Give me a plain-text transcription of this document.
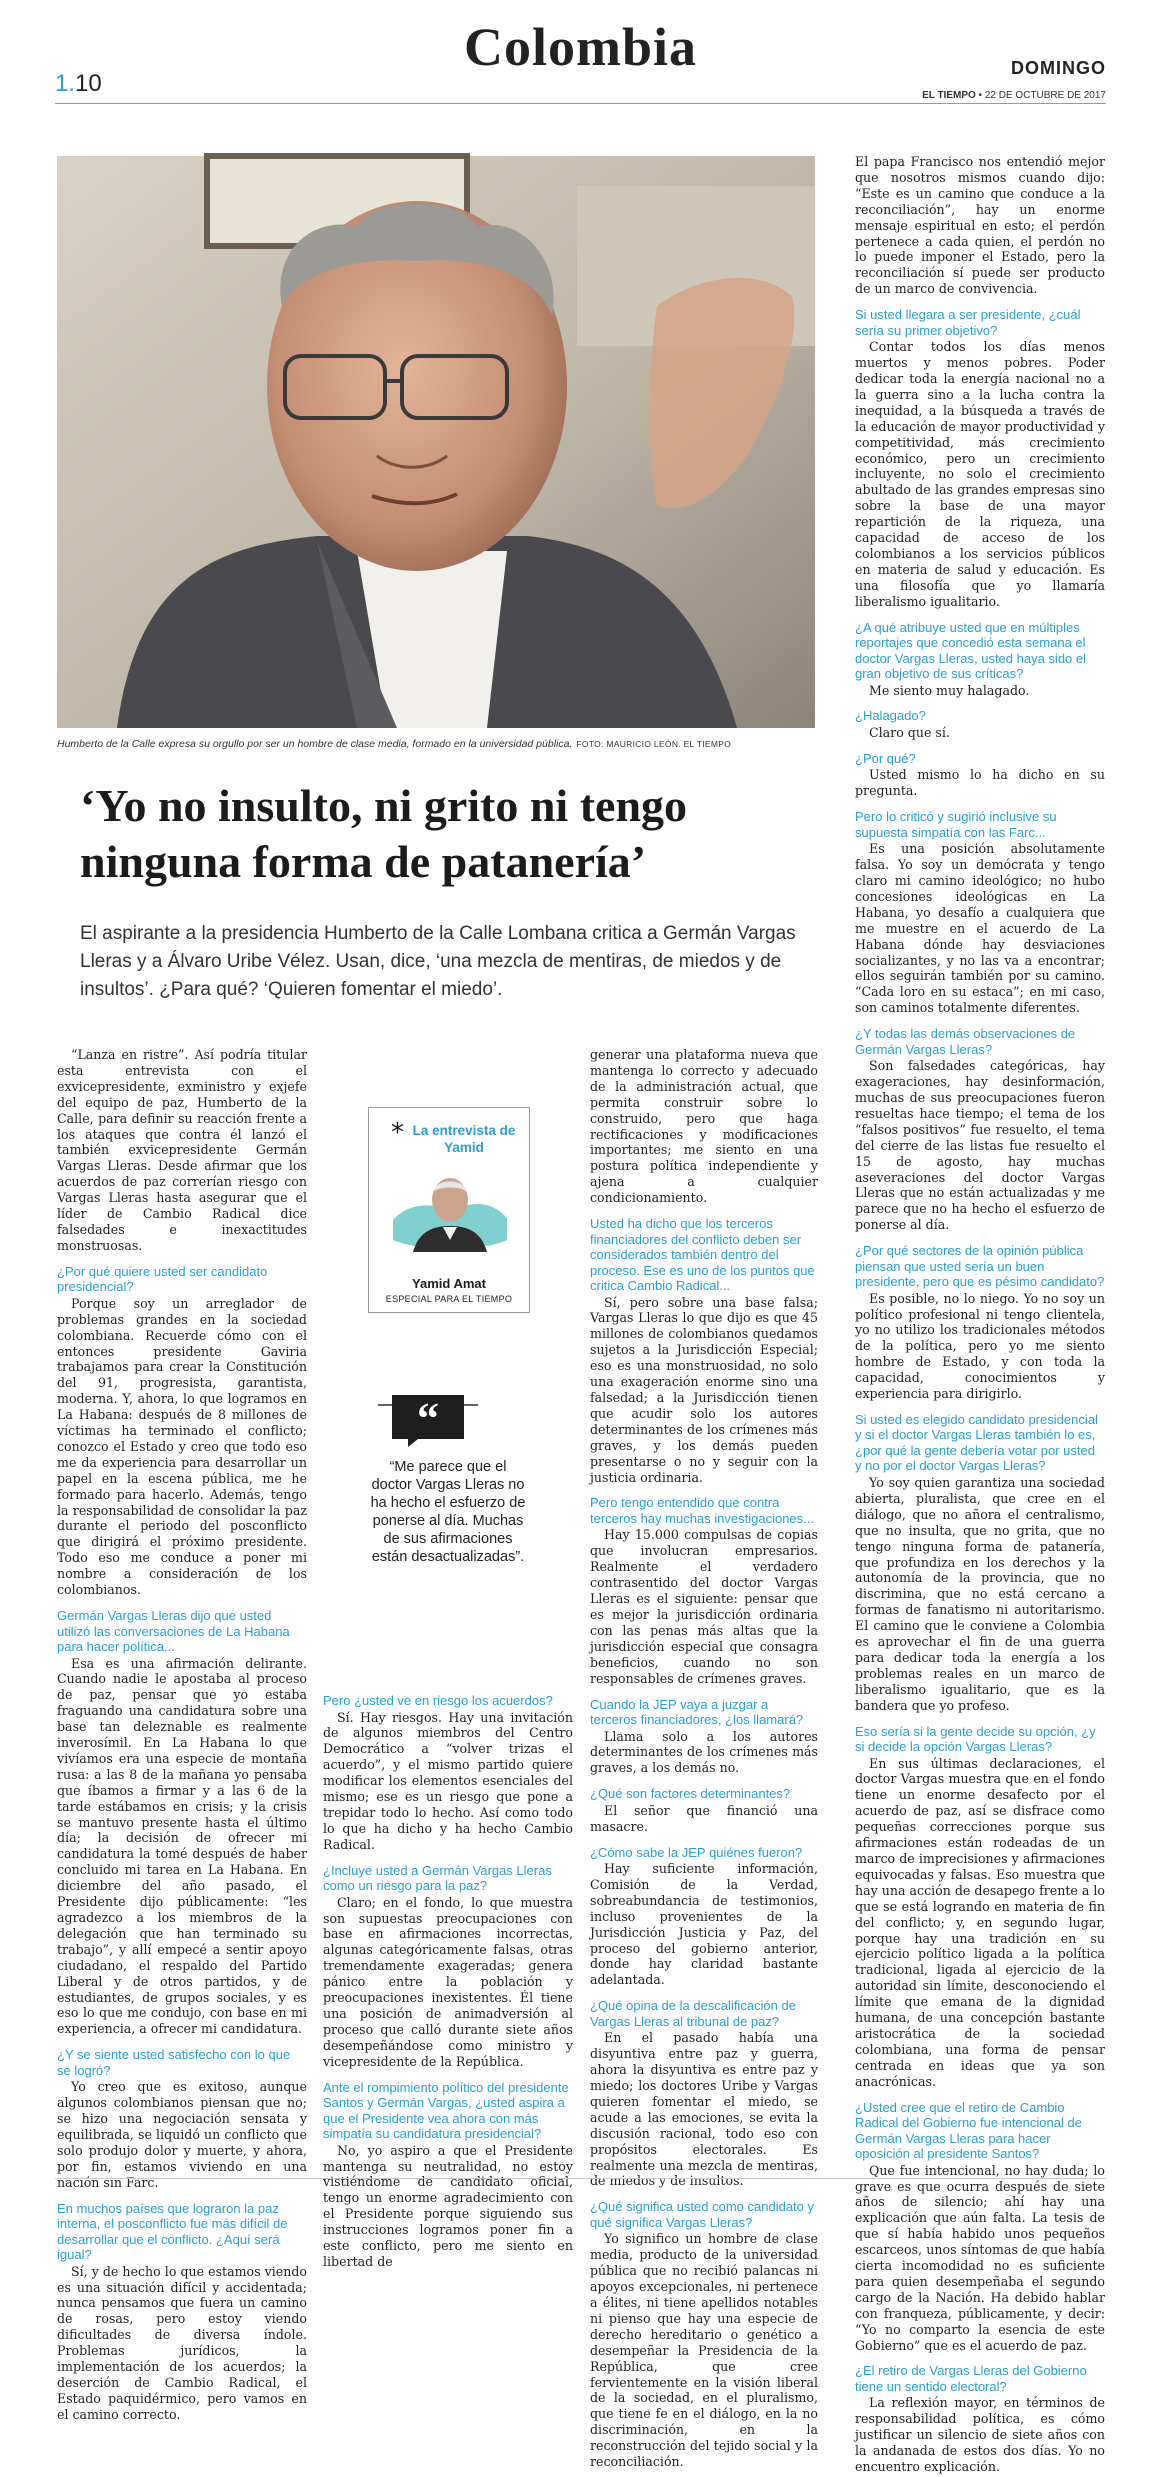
Colombia
1.10
DOMINGO
EL TIEMPO • 22 DE OCTUBRE DE 2017
Humberto de la Calle expresa su orgullo por ser un hombre de clase media, formado en la universidad pública. FOTO: MAURICIO LEÓN. EL TIEMPO
‘Yo no insulto, ni grito ni tengo ninguna forma de patanería’
El aspirante a la presidencia Humberto de la Calle Lombana critica a Germán Vargas Lleras y a Álvaro Uribe Vélez. Usan, dice, ‘una mezcla de mentiras, de miedos y de insultos’. ¿Para qué? ‘Quieren fomentar el miedo’.

“Lanza en ristre”. Así podría titular esta entrevista con el exvicepresidente, exministro y exjefe del equipo de paz, Humberto de la Calle, para definir su reacción frente a los ataques que contra él lanzó el también exvicepresidente Germán Vargas Lleras. Desde afirmar que los acuerdos de paz correrían riesgo con Vargas Lleras hasta asegurar que el líder de Cambio Radical dice falsedades e inexactitudes monstruosas.

¿Por qué quiere usted ser candidato presidencial?

Porque soy un arreglador de problemas grandes en la sociedad colombiana. Recuerde cómo con el entonces presidente Gaviria trabajamos para crear la Constitución del 91, progresista, garantista, moderna. Y, ahora, lo que logramos en La Habana: después de 8 millones de víctimas ha terminado el conflicto; conozco el Estado y creo que todo eso me da experiencia para desarrollar un papel en la escena pública, me he formado para hacerlo. Además, tengo la responsabilidad de consolidar la paz durante el periodo del posconflicto que dirigirá el próximo presidente. Todo eso me conduce a poner mi nombre a consideración de los colombianos.

Germán Vargas Lleras dijo que usted utilizó las conversaciones de La Habana para hacer política...

Esa es una afirmación delirante. Cuando nadie le apostaba al proceso de paz, pensar que yo estaba fraguando una candidatura sobre una base tan deleznable es realmente inverosímil. En La Habana lo que vivíamos era una especie de montaña rusa: a las 8 de la mañana yo pensaba que íbamos a firmar y a las 6 de la tarde estábamos en crisis; y la crisis se mantuvo presente hasta el último día; la decisión de ofrecer mi candidatura la tomé después de haber concluido mi tarea en La Habana. En diciembre del año pasado, el Presidente dijo públicamente: “les agradezco a los miembros de la delegación que han terminado su trabajo”, y allí empecé a sentir apoyo ciudadano, el respaldo del Partido Liberal y de otros partidos, y de estudiantes, de grupos sociales, y es eso lo que me condujo, con base en mi experiencia, a ofrecer mi candidatura.

¿Y se siente usted satisfecho con lo que se logró?

Yo creo que es exitoso, aunque algunos colombianos piensan que no; se hizo una negociación sensata y equilibrada, se liquidó un conflicto que solo produjo dolor y muerte, y ahora, por fin, estamos viviendo en una nación sin Farc.

En muchos países que lograron la paz interna, el posconflicto fue más difícil de desarrollar que el conflicto. ¿Aquí será igual?

Sí, y de hecho lo que estamos viendo es una situación difícil y accidentada; nunca pensamos que fuera un camino de rosas, pero estoy viendo dificultades de diversa índole. Problemas jurídicos, la implementación de los acuerdos; la deserción de Cambio Radical, el Estado paquidérmico, pero vamos en el camino correcto.

Pero ¿usted ve en riesgo los acuerdos?

Sí. Hay riesgos. Hay una invitación de algunos miembros del Centro Democrático a “volver trizas el acuerdo”, y el mismo partido quiere modificar los elementos esenciales del mismo; ese es un riesgo que pone a trepidar todo lo hecho. Así como todo lo que ha dicho y ha hecho Cambio Radical.

¿Incluye usted a Germán Vargas Lleras como un riesgo para la paz?

Claro; en el fondo, lo que muestra son supuestas preocupaciones con base en afirmaciones incorrectas, algunas categóricamente falsas, otras tremendamente exageradas; genera pánico entre la población y preocupaciones inexistentes. Él tiene una posición de animadversión al proceso que calló durante siete años desempeñándose como ministro y vicepresidente de la República.

Ante el rompimiento político del presidente Santos y Germán Vargas, ¿usted aspira a que el Presidente vea ahora con más simpatía su candidatura presidencial?

No, yo aspiro a que el Presidente mantenga su neutralidad, no estoy vistiéndome de candidato oficial, tengo un enorme agradecimiento con el Presidente porque siguiendo sus instrucciones logramos poner fin a este conflicto, pero me siento en libertad de

generar una plataforma nueva que mantenga lo correcto y adecuado de la administración actual, que permita construir sobre lo construido, pero que haga rectificaciones y modificaciones importantes; me siento en una postura política independiente y ajena a cualquier condicionamiento.

Usted ha dicho que los terceros financiadores del conflicto deben ser considerados también dentro del proceso. Ese es uno de los puntos que critica Cambio Radical...

Sí, pero sobre una base falsa; Vargas Lleras lo que dijo es que 45 millones de colombianos quedamos sujetos a la Jurisdicción Especial; eso es una monstruosidad, no solo una exageración enorme sino una falsedad; a la Jurisdicción tienen que acudir solo los autores determinantes de los crímenes más graves, y los demás pueden presentarse o no y seguir con la justicia ordinaria.

Pero tengo entendido que contra terceros hay muchas investigaciones...

Hay 15.000 compulsas de copias que involucran empresarios. Realmente el verdadero contrasentido del doctor Vargas Lleras es el siguiente: pensar que es mejor la jurisdicción ordinaria con las penas más altas que la jurisdicción especial que consagra beneficios, cuando no son responsables de crímenes graves.

Cuando la JEP vaya a juzgar a terceros financiadores, ¿los llamará?

Llama solo a los autores determinantes de los crímenes más graves, a los demás no.

¿Qué son factores determinantes?

El señor que financió una masacre.

¿Cómo sabe la JEP quiénes fueron?

Hay suficiente información, Comisión de la Verdad, sobreabundancia de testimonios, incluso provenientes de la Jurisdicción Justicia y Paz, del proceso del gobierno anterior, donde hay claridad bastante adelantada.

¿Qué opina de la descalificación de Vargas Lleras al tribunal de paz?

En el pasado había una disyuntiva entre paz y guerra, ahora la disyuntiva es entre paz y miedo; los doctores Uribe y Vargas quieren fomentar el miedo, se acude a las emociones, se evita la discusión racional, todo eso con propósitos electorales. Es realmente una mezcla de mentiras, de miedos y de insultos.

¿Qué significa usted como candidato y qué significa Vargas Lleras?

Yo significo un hombre de clase media, producto de la universidad pública que no recibió palancas ni apoyos excepcionales, ni pertenece a élites, ni tiene apellidos notables ni pienso que hay una especie de derecho hereditario o genético a desempeñar la Presidencia de la República, que cree fervientemente en la visión liberal de la sociedad, en el pluralismo, que tiene fe en el diálogo, en la no discriminación, en la reconstrucción del tejido social y la reconciliación.

El papa Francisco nos entendió mejor que nosotros mismos cuando dijo: “Este es un camino que conduce a la reconciliación”, hay un enorme mensaje espiritual en esto; el perdón pertenece a cada quien, el perdón no lo puede imponer el Estado, pero la reconciliación sí puede ser producto de un marco de convivencia.

Si usted llegara a ser presidente, ¿cuál sería su primer objetivo?

Contar todos los días menos muertos y menos pobres. Poder dedicar toda la energía nacional no a la guerra sino a la lucha contra la inequidad, a la búsqueda a través de la educación de mayor productividad y competitividad, más crecimiento económico, pero un crecimiento incluyente, no solo el crecimiento abultado de las grandes empresas sino sobre la base de una mayor repartición de la riqueza, una capacidad de acceso de los colombianos a los servicios públicos en materia de salud y educación. Es una filosofía que yo llamaría liberalismo igualitario.

¿A qué atribuye usted que en múltiples reportajes que concedió esta semana el doctor Vargas Lleras, usted haya sido el gran objetivo de sus críticas?

Me siento muy halagado.

¿Halagado?

Claro que sí.

¿Por qué?

Usted mismo lo ha dicho en su pregunta.

Pero lo criticó y sugirió inclusive su supuesta simpatía con las Farc...

Es una posición absolutamente falsa. Yo soy un demócrata y tengo claro mi camino ideológico; no hubo concesiones ideológicas en La Habana, yo desafío a cualquiera que me muestre en el acuerdo de La Habana dónde hay desviaciones socializantes, y no las va a encontrar; ellos seguirán también por su camino. “Cada loro en su estaca”; en mi caso, son caminos totalmente diferentes.

¿Y todas las demás observaciones de Germán Vargas Lleras?

Son falsedades categóricas, hay exageraciones, hay desinformación, muchas de sus preocupaciones fueron resueltas hace tiempo; el tema de los “falsos positivos” fue resuelto, el tema del cierre de las listas fue resuelto el 15 de agosto, hay muchas aseveraciones del doctor Vargas Lleras que no están actualizadas y me parece que no ha hecho el esfuerzo de ponerse al día.

¿Por qué sectores de la opinión pública piensan que usted sería un buen presidente, pero que es pésimo candidato?

Es posible, no lo niego. Yo no soy un político profesional ni tengo clientela, yo no utilizo los tradicionales métodos de la política, pero yo me siento hombre de Estado, y con toda la capacidad, conocimientos y experiencia para dirigirlo.

Si usted es elegido candidato presidencial y si el doctor Vargas Lleras también lo es, ¿por qué la gente debería votar por usted y no por el doctor Vargas Lleras?

Yo soy quien garantiza una sociedad abierta, pluralista, que cree en el diálogo, que no añora el centralismo, que no insulta, que no grita, que no tengo ninguna forma de patanería, que profundiza en los derechos y la autonomía de la provincia, que no discrimina, que no está cercano a formas de fanatismo ni autoritarismo. El camino que le conviene a Colombia es aprovechar el fin de una guerra para dedicar toda la energía a los problemas reales en un marco de liberalismo igualitario, que es la bandera que yo profeso.

Eso sería si la gente decide su opción, ¿y si decide la opción Vargas Lleras?

En sus últimas declaraciones, el doctor Vargas muestra que en el fondo tiene un enorme desafecto por el acuerdo de paz, así se disfrace como pequeñas correcciones porque sus afirmaciones están rodeadas de un marco de imprecisiones y afirmaciones equivocadas y falsas. Eso muestra que hay una acción de desapego frente a lo que se está logrando en materia de fin del conflicto; y, en segundo lugar, porque hay una tradición en su ejercicio político ligada a la política tradicional, ligada al ejercicio de la autoridad sin límite, desconociendo el límite que emana de la dignidad humana, de una concepción bastante aristocrática de la sociedad colombiana, una forma de pensar centrada en ideas que ya son anacrónicas.

¿Usted cree que el retiro de Cambio Radical del Gobierno fue intencional de Germán Vargas Lleras para hacer oposición al presidente Santos?

Que fue intencional, no hay duda; lo grave es que ocurra después de siete años de silencio; ahí hay una explicación que aún falta. La tesis de que sí había habido unos pequeños escarceos, unos síntomas de que había cierta incomodidad no es suficiente para quien desempeñaba el segundo cargo de la Nación. Ha debido hablar con franqueza, públicamente, y decir: “Yo no comparto la esencia de este Gobierno” que es el acuerdo de paz.

¿El retiro de Vargas Lleras del Gobierno tiene un sentido electoral?

La reflexión mayor, en términos de responsabilidad política, es cómo justificar un silencio de siete años con la andanada de estos dos días. Yo no encuentro explicación.

* La entrevista de Yamid
Yamid Amat
ESPECIAL PARA EL TIEMPO
“
“Me parece que el doctor Vargas Lleras no ha hecho el esfuerzo de ponerse al día. Muchas de sus afirmaciones están desactualizadas”.
